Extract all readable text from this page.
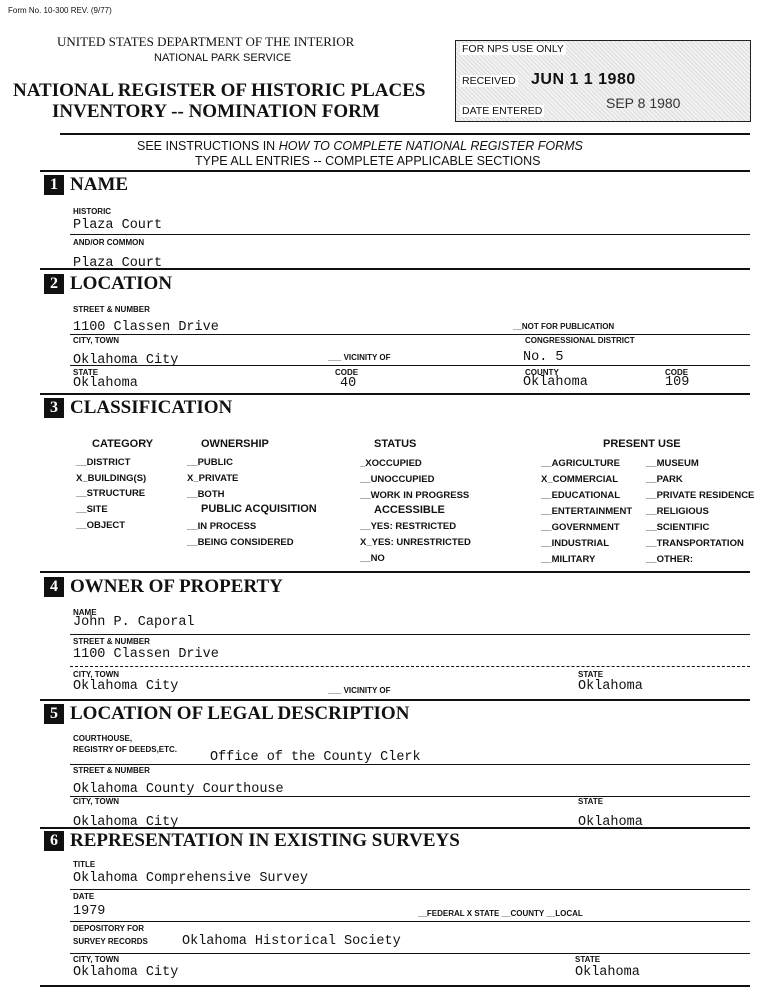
Form No. 10-300 REV. (9/77)
UNITED STATES DEPARTMENT OF THE INTERIOR
NATIONAL PARK SERVICE
NATIONAL REGISTER OF HISTORIC PLACES
INVENTORY -- NOMINATION FORM
FOR NPS USE ONLY
RECEIVED JUN 1 1 1980
DATE ENTERED	SEP 8 1980
SEE INSTRUCTIONS IN HOW TO COMPLETE NATIONAL REGISTER FORMS
TYPE ALL ENTRIES -- COMPLETE APPLICABLE SECTIONS
1 NAME
HISTORIC
Plaza Court
AND/OR COMMON
Plaza Court
2 LOCATION
STREET & NUMBER
1100 Classen Drive	__NOT FOR PUBLICATION
CITY, TOWN	CONGRESSIONAL DISTRICT
Oklahoma City	___ VICINITY OF	No. 5
STATE	CODE	COUNTY	CODE
Oklahoma	40	Oklahoma	109
3 CLASSIFICATION
CATEGORY
__DISTRICT
X_BUILDING(S)
__STRUCTURE
__SITE
__OBJECT
OWNERSHIP
__PUBLIC
X_PRIVATE
__BOTH
PUBLIC ACQUISITION
__IN PROCESS
__BEING CONSIDERED
STATUS
_XOCCUPIED
__UNOCCUPIED
__WORK IN PROGRESS
ACCESSIBLE
__YES: RESTRICTED
X_YES: UNRESTRICTED
__NO
PRESENT USE
__AGRICULTURE
X_COMMERCIAL
__EDUCATIONAL
__ENTERTAINMENT
__GOVERNMENT
__INDUSTRIAL
__MILITARY
__MUSEUM
__PARK
__PRIVATE RESIDENCE
__RELIGIOUS
__SCIENTIFIC
__TRANSPORTATION
__OTHER:
4 OWNER OF PROPERTY
NAME
John P. Caporal
STREET & NUMBER
1100 Classen Drive
CITY, TOWN
Oklahoma City	___ VICINITY OF
STATE
Oklahoma
5 LOCATION OF LEGAL DESCRIPTION
COURTHOUSE,
REGISTRY OF DEEDS,ETC.
Office of the County Clerk
STREET & NUMBER
Oklahoma County Courthouse
CITY, TOWN
Oklahoma City
STATE
Oklahoma
6 REPRESENTATION IN EXISTING SURVEYS
TITLE
Oklahoma Comprehensive Survey
DATE
1979	__FEDERAL X STATE __COUNTY __LOCAL
DEPOSITORY FOR
SURVEY RECORDS	Oklahoma Historical Society
CITY, TOWN
Oklahoma City
STATE
Oklahoma
